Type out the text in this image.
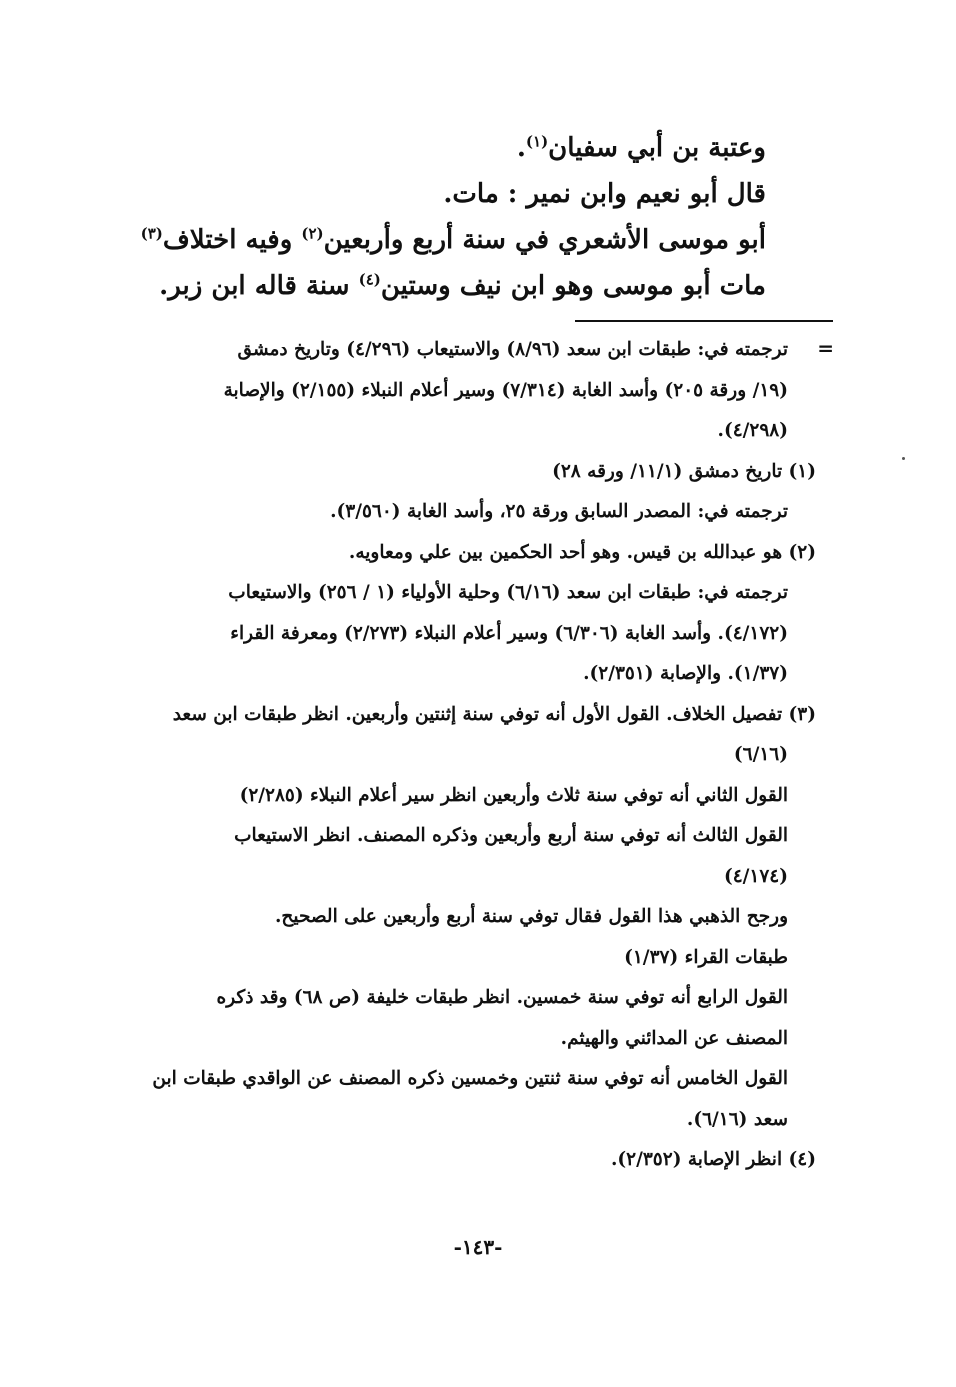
وعتبة بن أبي سفيان$^{(١)}$.
قال أبو نعيم وابن نمير : مات.
أبو موسى الأشعري في سنة أربع وأربعين$^{(٢)}$ وفيه اختلاف$^{(٣)}$
مات أبو موسى وهو ابن نيف وستين$^{(٤)}$ سنة قاله ابن زبر.
=
ترجمته في: طبقات ابن سعد (٨/٩٦) والاستيعاب (٤/٢٩٦) وتاريخ دمشق
(١٩/ ورقة ٢٠٥) وأسد الغابة (٧/٣١٤) وسير أعلام النبلاء (٢/١٥٥) والإصابة
(٤/٢٩٨).
(١) تاريخ دمشق (١١/١/ ورقه ٢٨)
ترجمته في: المصدر السابق ورقة ٢٥، وأسد الغابة (٣/٥٦٠).
(٢) هو عبدالله بن قيس. وهو أحد الحكمين بين علي ومعاويه.
ترجمته في: طبقات ابن سعد (٦/١٦) وحلية الأولياء (١ / ٢٥٦) والاستيعاب
(٤/١٧٢). وأسد الغابة (٦/٣٠٦) وسير أعلام النبلاء (٢/٢٧٣) ومعرفة القراء
(١/٣٧). والإصابة (٢/٣٥١).
(٣) تفصيل الخلاف. القول الأول أنه توفي سنة إثنتين وأربعين. انظر طبقات ابن سعد
(٦/١٦)
القول الثاني أنه توفي سنة ثلاث وأربعين انظر سير أعلام النبلاء (٢/٢٨٥)
القول الثالث أنه توفي سنة أربع وأربعين وذكره المصنف. انظر الاستيعاب
(٤/١٧٤)
ورجح الذهبي هذا القول فقال توفي سنة أربع وأربعين على الصحيح.
طبقات القراء (١/٣٧)
القول الرابع أنه توفي سنة خمسين. انظر طبقات خليفة (ص ٦٨) وقد ذكره
المصنف عن المدائني والهيثم.
القول الخامس أنه توفي سنة ثنتين وخمسين ذكره المصنف عن الواقدي طبقات ابن
سعد (٦/١٦).
(٤) انظر الإصابة (٢/٣٥٢).
-١٤٣-
